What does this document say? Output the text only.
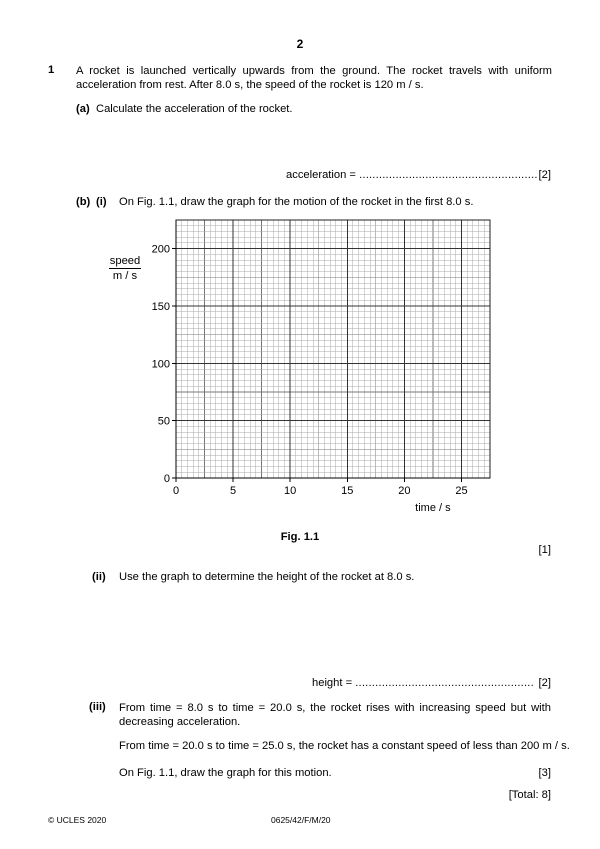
2
1 A rocket is launched vertically upwards from the ground. The rocket travels with uniform acceleration from rest. After 8.0 s, the speed of the rocket is 120 m / s.
(a) Calculate the acceleration of the rocket.
acceleration = ...................................................... [2]
(b) (i) On Fig. 1.1, draw the graph for the motion of the rocket in the first 8.0 s.
speed
m / s
0
50
100
150
200
0	5	10	15	20	25
time / s
Fig. 1.1
[1]
(ii) Use the graph to determine the height of the rocket at 8.0 s.
height = ...................................................... [2]
(iii) From time = 8.0 s to time = 20.0 s, the rocket rises with increasing speed but with decreasing acceleration.
From time = 20.0 s to time = 25.0 s, the rocket has a constant speed of less than 200 m / s.
On Fig. 1.1, draw the graph for this motion.	[3]
[Total: 8]
© UCLES 2020	0625/42/F/M/20
